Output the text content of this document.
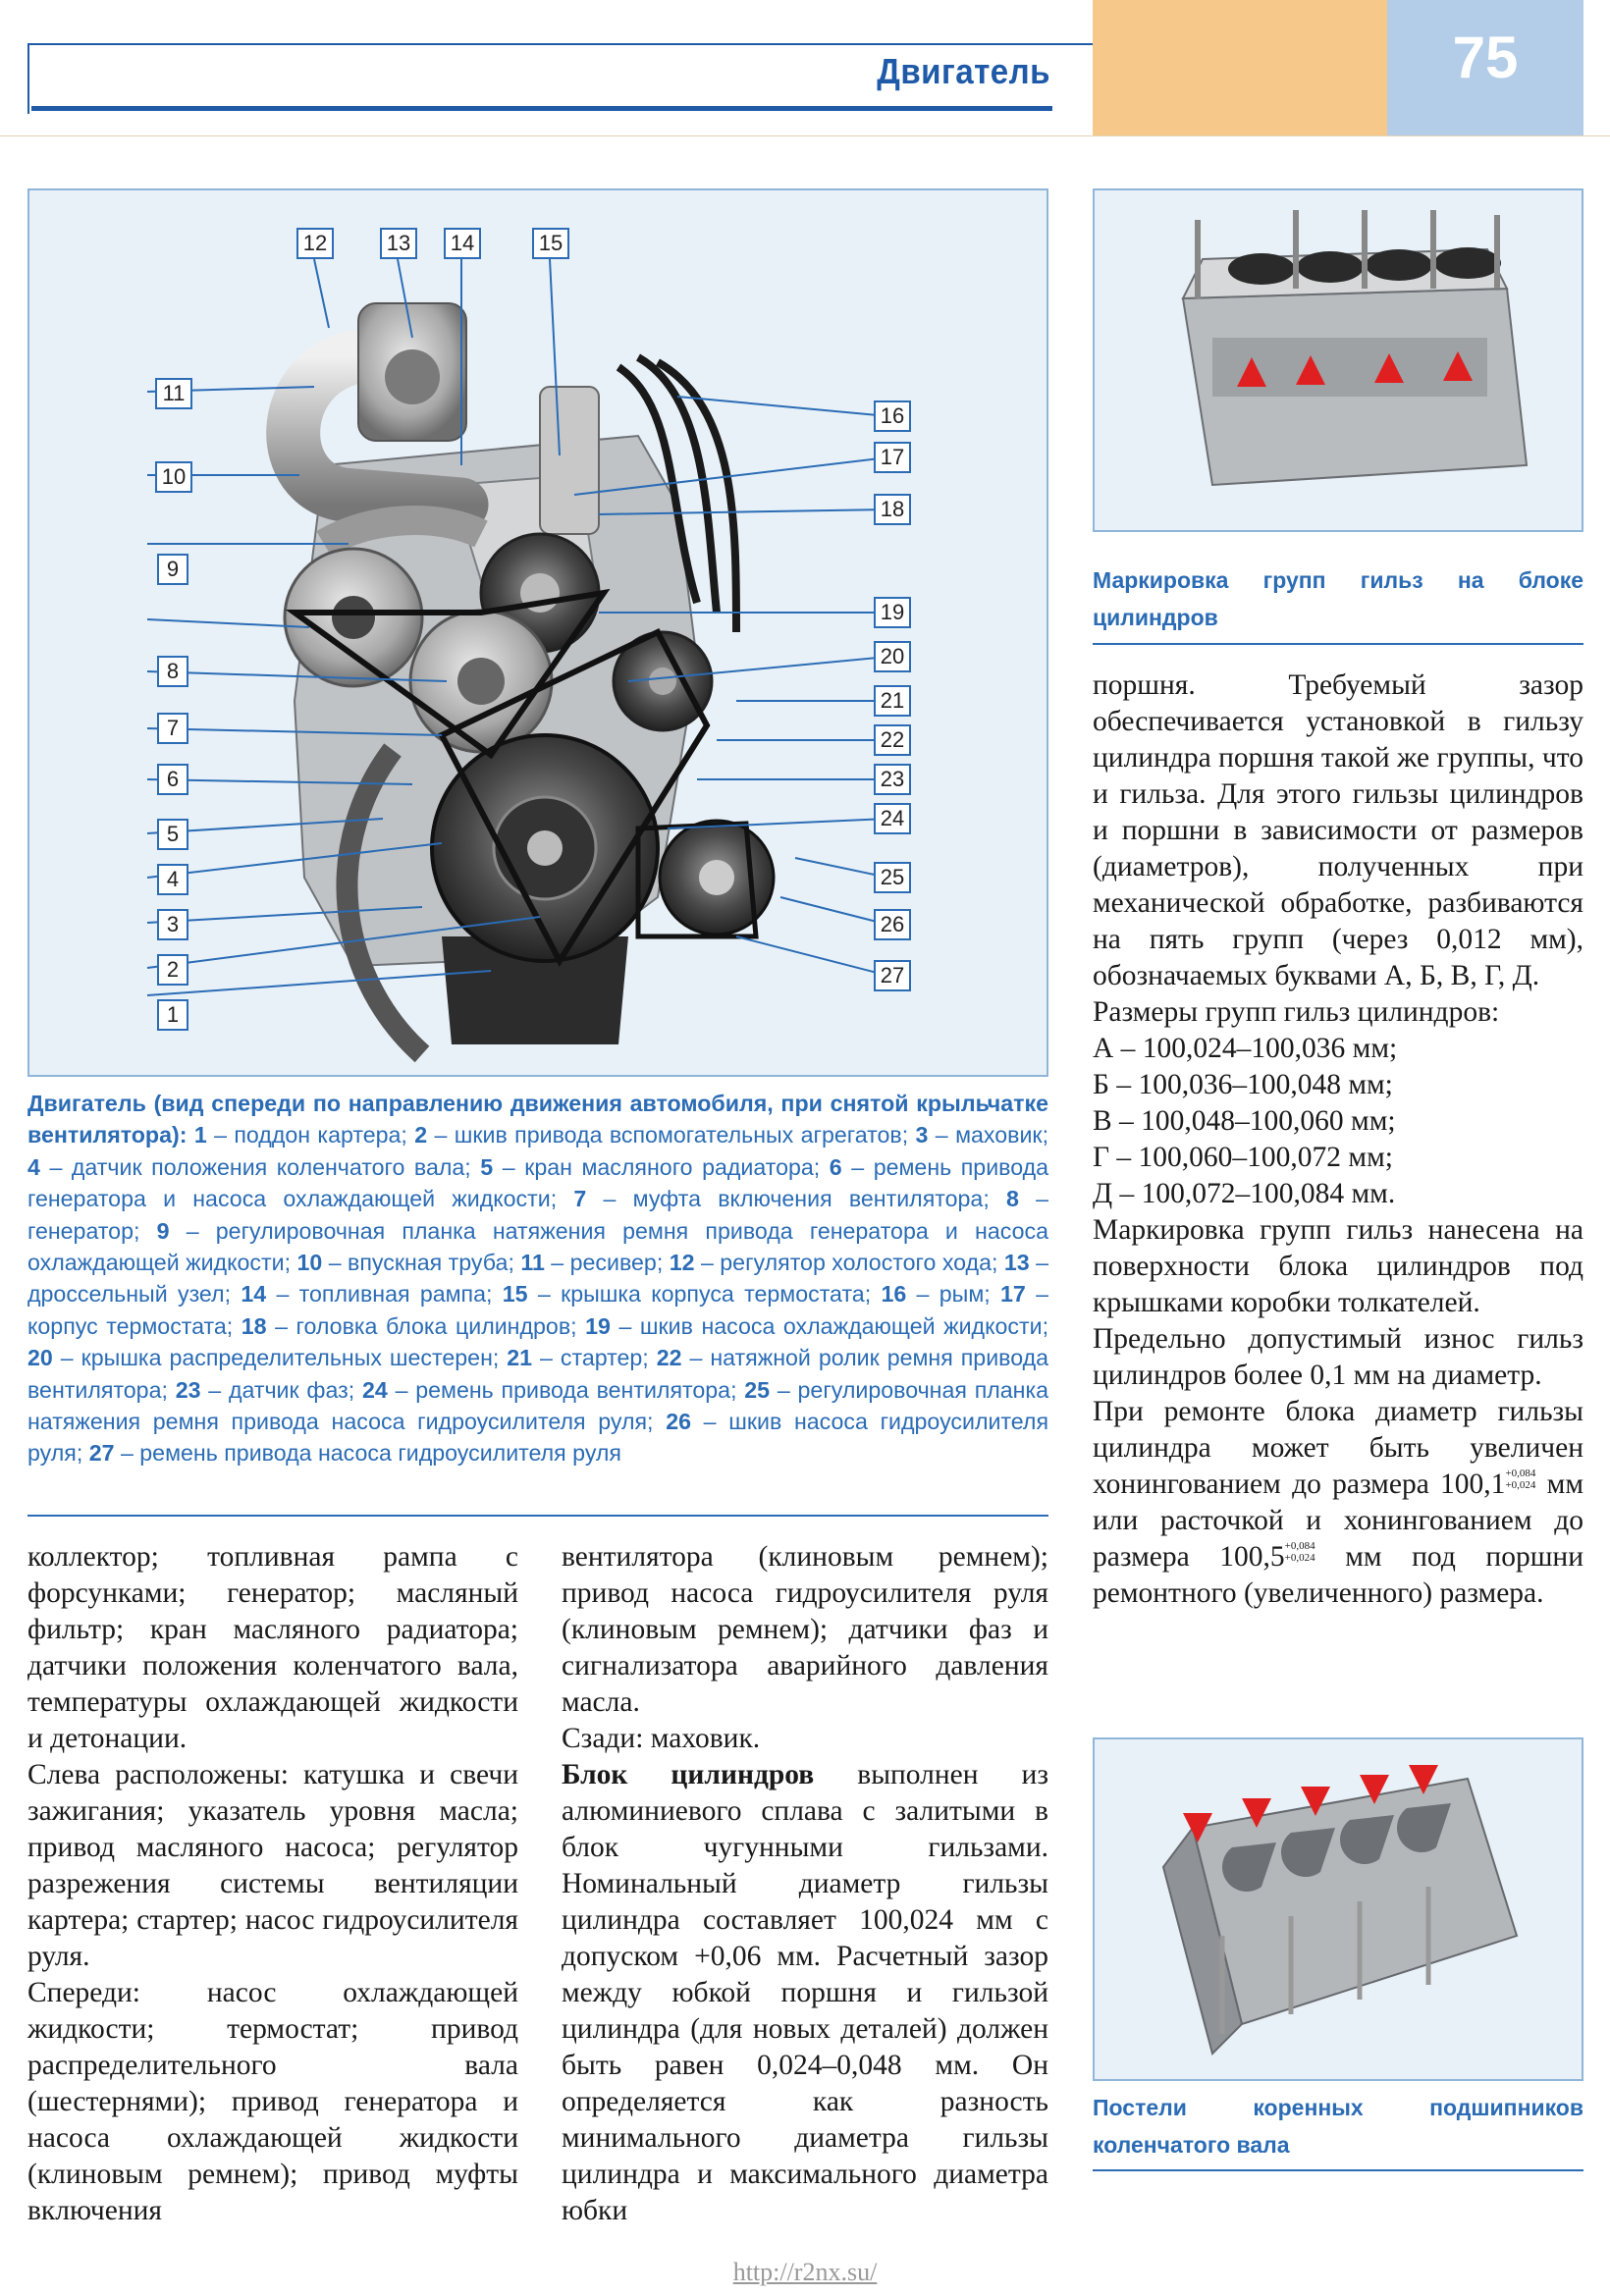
Двигатель	75
1
2
3
4
5
6
7
8
9
10
11
12	13	14	15
16
17
18
19
20
21
22
23
24
25
26
27
Двигатель (вид спереди по направлению движения автомобиля, при снятой крыльчатке вентилятора): 1 – поддон картера; 2 – шкив привода вспомогательных агрегатов; 3 – маховик; 4 – датчик положения коленчатого вала; 5 – кран масляного радиатора; 6 – ремень привода генератора и насоса охлаждающей жидкости; 7 – муфта включения вентилятора; 8 – генератор; 9 – регулировочная планка натяжения ремня привода генератора и насоса охлаждающей жидкости; 10 – впускная труба; 11 – ресивер; 12 – регулятор холостого хода; 13 – дроссельный узел; 14 – топливная рампа; 15 – крышка корпуса термостата; 16 – рым; 17 – корпус термостата; 18 – головка блока цилиндров; 19 – шкив насоса охлаждающей жидкости; 20 – крышка распределительных шестерен; 21 – стартер; 22 – натяжной ролик ремня привода вентилятора; 23 – датчик фаз; 24 – ремень привода вентилятора; 25 – регулировочная планка натяжения ремня привода насоса гидроусилителя руля; 26 – шкив насоса гидроусилителя руля; 27 – ремень привода насоса гидроусилителя руля

коллектор; топливная рампа с форсунками; генератор; масляный фильтр; кран масляного радиатора; датчики положения коленчатого вала, температуры охлаждающей жидкости и детонации.

Слева расположены: катушка и свечи зажигания; указатель уровня масла; привод масляного насоса; регулятор разрежения системы вентиляции картера; стартер; насос гидроусилителя руля.

Спереди: насос охлаждающей жидкости; термостат; привод распределительного вала (шестернями); привод генератора и насоса охлаждающей жидкости (клиновым ремнем); привод муфты включения

вентилятора (клиновым ремнем); привод насоса гидроусилителя руля (клиновым ремнем); датчики фаз и сигнализатора аварийного давления масла.

Сзади: маховик.

Блок цилиндров выполнен из алюминиевого сплава с залитыми в блок чугунными гильзами. Номинальный диаметр гильзы цилиндра составляет 100,024 мм с допуском +0,06 мм. Расчетный зазор между юбкой поршня и гильзой цилиндра (для новых деталей) должен быть равен 0,024–0,048 мм. Он определяется как разность минимального диаметра гильзы цилиндра и максимального диаметра юбки

Маркировка групп гильз на блоке цилиндров

поршня. Требуемый зазор обеспечивается установкой в гильзу цилиндра поршня такой же группы, что и гильза. Для этого гильзы цилиндров и поршни в зависимости от размеров (диаметров), полученных при механической обработке, разбиваются на пять групп (через 0,012 мм), обозначаемых буквами А, Б, В, Г, Д.

Размеры групп гильз цилиндров:

А – 100,024–100,036 мм;

Б – 100,036–100,048 мм;

В – 100,048–100,060 мм;

Г – 100,060–100,072 мм;

Д – 100,072–100,084 мм.

Маркировка групп гильз нанесена на поверхности блока цилиндров под крышками коробки толкателей.

Предельно допустимый износ гильз цилиндров более 0,1 мм на диаметр.

При ремонте блока диаметр гильзы цилиндра может быть увеличен хонингованием до размера 100,1+0,084
+0,024 мм или расточкой и хонингованием до размера 100,5+0,084
+0,024 мм под поршни ремонтного (увеличенного) размера.

Постели коренных подшипников коленчатого вала
http://r2nx.su/
